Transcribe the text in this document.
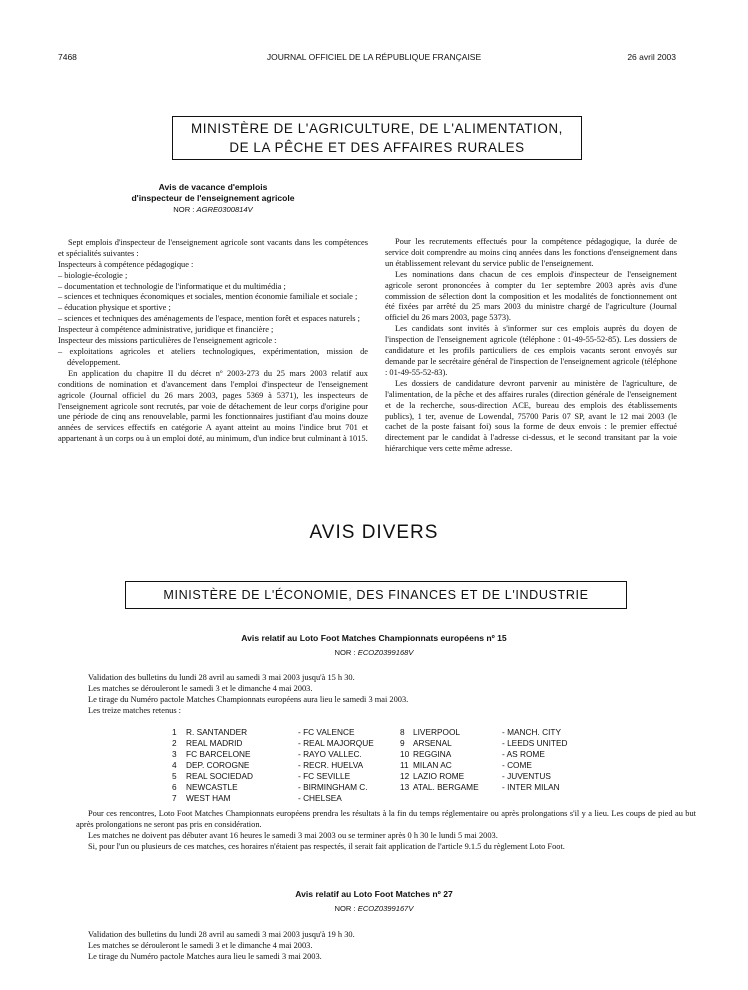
7468	JOURNAL OFFICIEL DE LA RÉPUBLIQUE FRANÇAISE	26 avril 2003
MINISTÈRE DE L'AGRICULTURE, DE L'ALIMENTATION,
DE LA PÊCHE ET DES AFFAIRES RURALES
Avis de vacance d'emplois
d'inspecteur de l'enseignement agricole
NOR : AGRE0300814V

Sept emplois d'inspecteur de l'enseignement agricole sont vacants dans les compétences et spécialités suivantes :

Inspecteurs à compétence pédagogique :

– biologie-écologie ;
– documentation et technologie de l'informatique et du multimédia ;
– sciences et techniques économiques et sociales, mention économie familiale et sociale ;
– éducation physique et sportive ;
– sciences et techniques des aménagements de l'espace, mention forêt et espaces naturels ;

Inspecteur à compétence administrative, juridique et financière ;

Inspecteur des missions particulières de l'enseignement agricole :

– exploitations agricoles et ateliers technologiques, expérimentation, mission de développement.

En application du chapitre II du décret nº 2003-273 du 25 mars 2003 relatif aux conditions de nomination et d'avancement dans l'emploi d'inspecteur de l'enseignement agricole (Journal officiel du 26 mars 2003, pages 5369 à 5371), les inspecteurs de l'enseignement agricole sont recrutés, par voie de détachement de leur corps d'origine pour une période de cinq ans renouvelable, parmi les fonctionnaires justifiant d'au moins douze années de services effectifs en catégorie A ayant atteint au moins l'indice brut 701 et appartenant à un corps ou à un emploi doté, au minimum, d'un indice brut culminant à 1015.

Pour les recrutements effectués pour la compétence pédagogique, la durée de service doit comprendre au moins cinq années dans les fonctions d'enseignement dans un établissement relevant du service public de l'enseignement.

Les nominations dans chacun de ces emplois d'inspecteur de l'enseignement agricole seront prononcées à compter du 1er septembre 2003 après avis d'une commission de sélection dont la composition et les modalités de fonctionnement ont été fixées par arrêté du 25 mars 2003 du ministre chargé de l'agriculture (Journal officiel du 26 mars 2003, page 5373).

Les candidats sont invités à s'informer sur ces emplois auprès du doyen de l'inspection de l'enseignement agricole (téléphone : 01-49-55-52-85). Les dossiers de candidature et les profils particuliers de ces emplois vacants seront envoyés sur demande par le secrétaire général de l'inspection de l'enseignement agricole (téléphone : 01-49-55-52-83).

Les dossiers de candidature devront parvenir au ministère de l'agriculture, de l'alimentation, de la pêche et des affaires rurales (direction générale de l'enseignement et de la recherche, sous-direction ACE, bureau des emplois des établissements publics), 1 ter, avenue de Lowendal, 75700 Paris 07 SP, avant le 12 mai 2003 (le cachet de la poste faisant foi) sous la forme de deux envois : le premier effectué directement par le candidat à l'adresse ci-dessus, et le second transitant par la voie hiérarchique vers cette même adresse.

AVIS DIVERS
MINISTÈRE DE L'ÉCONOMIE, DES FINANCES ET DE L'INDUSTRIE
Avis relatif au Loto Foot Matches Championnats européens nº 15
NOR : ECOZ0399168V
Validation des bulletins du lundi 28 avril au samedi 3 mai 2003 jusqu'à 15 h 30.
Les matches se dérouleront le samedi 3 et le dimanche 4 mai 2003.
Le tirage du Numéro pactole Matches Championnats européens aura lieu le samedi 3 mai 2003.
Les treize matches retenus :
1
2
3
4
5
6
7
R. SANTANDER
REAL MADRID
FC BARCELONE
DEP. COROGNE
REAL SOCIEDAD
NEWCASTLE
WEST HAM
- FC VALENCE
- REAL MAJORQUE
- RAYO VALLEC.
- RECR. HUELVA
- FC SEVILLE
- BIRMINGHAM C.
- CHELSEA
8
9
10
11
12
13
LIVERPOOL
ARSENAL
REGGINA
MILAN AC
LAZIO ROME
ATAL. BERGAME
- MANCH. CITY
- LEEDS UNITED
- AS ROME
- COME
- JUVENTUS
- INTER MILAN

Pour ces rencontres, Loto Foot Matches Championnats européens prendra les résultats à la fin du temps réglementaire ou après prolongations s'il y a lieu. Les coups de pied au but après prolongations ne seront pas pris en considération.

Les matches ne doivent pas débuter avant 16 heures le samedi 3 mai 2003 ou se terminer après 0 h 30 le lundi 5 mai 2003.

Si, pour l'un ou plusieurs de ces matches, ces horaires n'étaient pas respectés, il serait fait application de l'article 9.1.5 du règlement Loto Foot.

Avis relatif au Loto Foot Matches nº 27
NOR : ECOZ0399167V
Validation des bulletins du lundi 28 avril au samedi 3 mai 2003 jusqu'à 19 h 30.
Les matches se dérouleront le samedi 3 et le dimanche 4 mai 2003.
Le tirage du Numéro pactole Matches aura lieu le samedi 3 mai 2003.
